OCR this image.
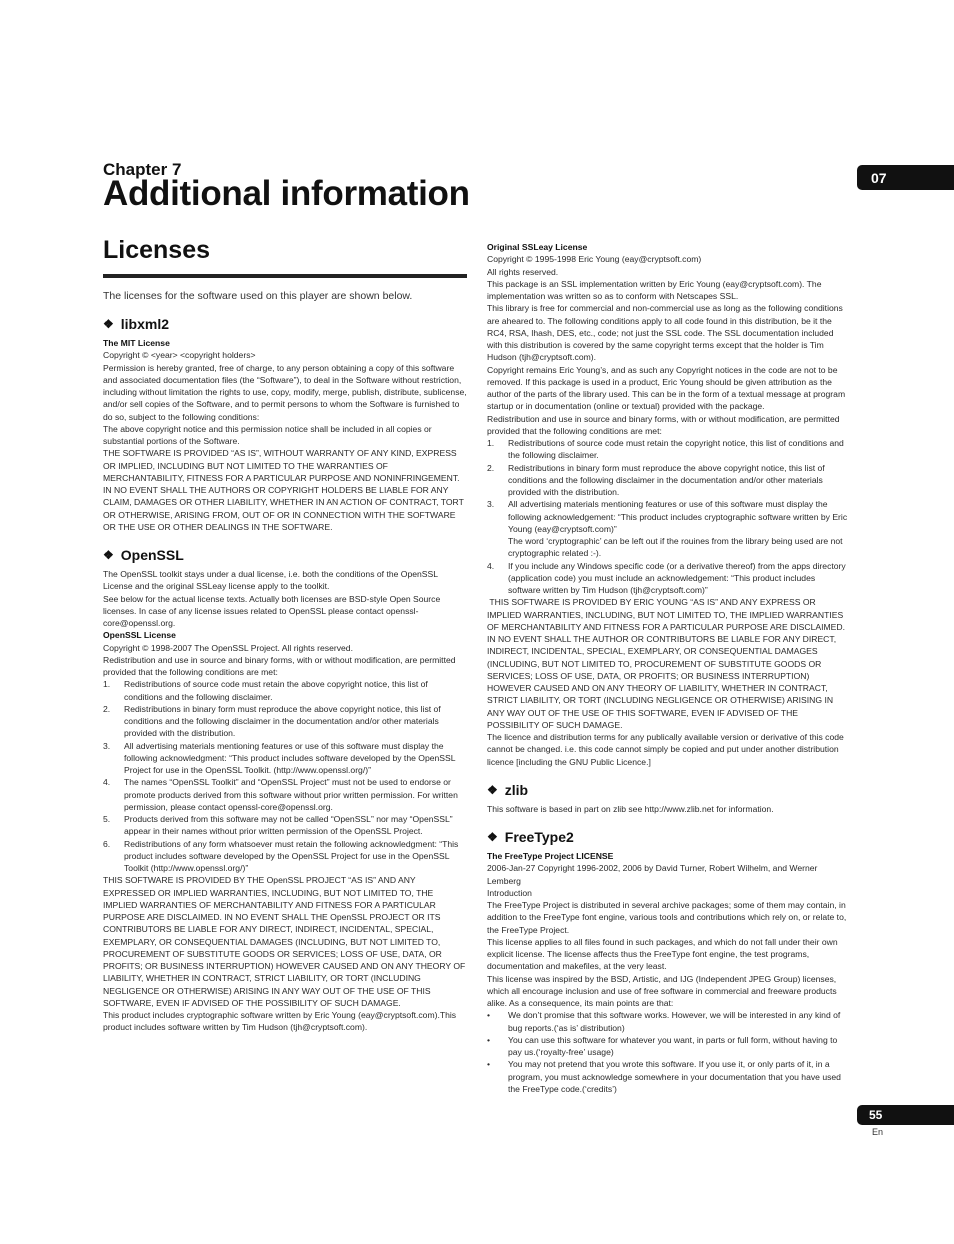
Chapter 7
Additional information	07
Licenses
The licenses for the software used on this player are shown below.
❖ libxml2
The MIT License

Copyright © <year> <copyright holders>

Permission is hereby granted, free of charge, to any person obtaining a copy of this software and associated documentation files (the “Software”), to deal in the Software without restriction, including without limitation the rights to use, copy, modify, merge, publish, distribute, sublicense, and/or sell copies of the Software, and to permit persons to whom the Software is furnished to do so, subject to the following conditions:

The above copyright notice and this permission notice shall be included in all copies or substantial portions of the Software.

THE SOFTWARE IS PROVIDED “AS IS”, WITHOUT WARRANTY OF ANY KIND, EXPRESS OR IMPLIED, INCLUDING BUT NOT LIMITED TO THE WARRANTIES OF MERCHANTABILITY, FITNESS FOR A PARTICULAR PURPOSE AND NONINFRINGEMENT. IN NO EVENT SHALL THE AUTHORS OR COPYRIGHT HOLDERS BE LIABLE FOR ANY CLAIM, DAMAGES OR OTHER LIABILITY, WHETHER IN AN ACTION OF CONTRACT, TORT OR OTHERWISE, ARISING FROM, OUT OF OR IN CONNECTION WITH THE SOFTWARE OR THE USE OR OTHER DEALINGS IN THE SOFTWARE.

❖ OpenSSL

The OpenSSL toolkit stays under a dual license, i.e. both the conditions of the OpenSSL License and the original SSLeay license apply to the toolkit.

See below for the actual license texts. Actually both licenses are BSD-style Open Source licenses. In case of any license issues related to OpenSSL please contact openssl-core@openssl.org.

OpenSSL License

Copyright © 1998-2007 The OpenSSL Project. All rights reserved.

Redistribution and use in source and binary forms, with or without modification, are permitted provided that the following conditions are met:

1. Redistributions of source code must retain the above copyright notice, this list of conditions and the following disclaimer.
2. Redistributions in binary form must reproduce the above copyright notice, this list of conditions and the following disclaimer in the documentation and/or other materials provided with the distribution.
3. All advertising materials mentioning features or use of this software must display the following acknowledgment: “This product includes software developed by the OpenSSL Project for use in the OpenSSL Toolkit. (http://www.openssl.org/)”
4. The names “OpenSSL Toolkit” and “OpenSSL Project” must not be used to endorse or promote products derived from this software without prior written permission. For written permission, please contact openssl-core@openssl.org.
5. Products derived from this software may not be called “OpenSSL” nor may “OpenSSL” appear in their names without prior written permission of the OpenSSL Project.
6. Redistributions of any form whatsoever must retain the following acknowledgment: “This product includes software developed by the OpenSSL Project for use in the OpenSSL Toolkit (http://www.openssl.org/)”

THIS SOFTWARE IS PROVIDED BY THE OpenSSL PROJECT “AS IS” AND ANY EXPRESSED OR IMPLIED WARRANTIES, INCLUDING, BUT NOT LIMITED TO, THE IMPLIED WARRANTIES OF MERCHANTABILITY AND FITNESS FOR A PARTICULAR PURPOSE ARE DISCLAIMED. IN NO EVENT SHALL THE OpenSSL PROJECT OR ITS CONTRIBUTORS BE LIABLE FOR ANY DIRECT, INDIRECT, INCIDENTAL, SPECIAL, EXEMPLARY, OR CONSEQUENTIAL DAMAGES (INCLUDING, BUT NOT LIMITED TO, PROCUREMENT OF SUBSTITUTE GOODS OR SERVICES; LOSS OF USE, DATA, OR PROFITS; OR BUSINESS INTERRUPTION) HOWEVER CAUSED AND ON ANY THEORY OF LIABILITY, WHETHER IN CONTRACT, STRICT LIABILITY, OR TORT (INCLUDING NEGLIGENCE OR OTHERWISE) ARISING IN ANY WAY OUT OF THE USE OF THIS SOFTWARE, EVEN IF ADVISED OF THE POSSIBILITY OF SUCH DAMAGE.

This product includes cryptographic software written by Eric Young (eay@cryptsoft.com).This product includes software written by Tim Hudson (tjh@cryptsoft.com).

Original SSLeay License

Copyright © 1995-1998 Eric Young (eay@cryptsoft.com)

All rights reserved.

This package is an SSL implementation written by Eric Young (eay@cryptsoft.com). The implementation was written so as to conform with Netscapes SSL.

This library is free for commercial and non-commercial use as long as the following conditions are aheared to. The following conditions apply to all code found in this distribution, be it the RC4, RSA, lhash, DES, etc., code; not just the SSL code. The SSL documentation included with this distribution is covered by the same copyright terms except that the holder is Tim Hudson (tjh@cryptsoft.com).

Copyright remains Eric Young’s, and as such any Copyright notices in the code are not to be removed. If this package is used in a product, Eric Young should be given attribution as the author of the parts of the library used. This can be in the form of a textual message at program startup or in documentation (online or textual) provided with the package.

Redistribution and use in source and binary forms, with or without modification, are permitted provided that the following conditions are met:

1. Redistributions of source code must retain the copyright notice, this list of conditions and the following disclaimer.
2. Redistributions in binary form must reproduce the above copyright notice, this list of conditions and the following disclaimer in the documentation and/or other materials provided with the distribution.
3. All advertising materials mentioning features or use of this software must display the following acknowledgement: “This product includes cryptographic software written by Eric Young (eay@cryptsoft.com)”
The word ‘cryptographic’ can be left out if the rouines from the library being used are not cryptographic related :-).
4. If you include any Windows specific code (or a derivative thereof) from the apps directory (application code) you must include an acknowledgement: “This product includes software written by Tim Hudson (tjh@cryptsoft.com)”

THIS SOFTWARE IS PROVIDED BY ERIC YOUNG “AS IS” AND ANY EXPRESS OR IMPLIED WARRANTIES, INCLUDING, BUT NOT LIMITED TO, THE IMPLIED WARRANTIES OF MERCHANTABILITY AND FITNESS FOR A PARTICULAR PURPOSE ARE DISCLAIMED. IN NO EVENT SHALL THE AUTHOR OR CONTRIBUTORS BE LIABLE FOR ANY DIRECT, INDIRECT, INCIDENTAL, SPECIAL, EXEMPLARY, OR CONSEQUENTIAL DAMAGES (INCLUDING, BUT NOT LIMITED TO, PROCUREMENT OF SUBSTITUTE GOODS OR SERVICES; LOSS OF USE, DATA, OR PROFITS; OR BUSINESS INTERRUPTION) HOWEVER CAUSED AND ON ANY THEORY OF LIABILITY, WHETHER IN CONTRACT, STRICT LIABILITY, OR TORT (INCLUDING NEGLIGENCE OR OTHERWISE) ARISING IN ANY WAY OUT OF THE USE OF THIS SOFTWARE, EVEN IF ADVISED OF THE POSSIBILITY OF SUCH DAMAGE.

The licence and distribution terms for any publically available version or derivative of this code cannot be changed. i.e. this code cannot simply be copied and put under another distribution licence [including the GNU Public Licence.]

❖ zlib

This software is based in part on zlib see http://www.zlib.net for information.

❖ FreeType2
The FreeType Project LICENSE

2006-Jan-27 Copyright 1996-2002, 2006 by David Turner, Robert Wilhelm, and Werner Lemberg

Introduction

The FreeType Project is distributed in several archive packages; some of them may contain, in addition to the FreeType font engine, various tools and contributions which rely on, or relate to, the FreeType Project.

This license applies to all files found in such packages, and which do not fall under their own explicit license. The license affects thus the FreeType font engine, the test programs, documentation and makefiles, at the very least.

This license was inspired by the BSD, Artistic, and IJG (Independent JPEG Group) licenses, which all encourage inclusion and use of free software in commercial and freeware products alike. As a consequence, its main points are that:

• We don’t promise that this software works. However, we will be interested in any kind of bug reports.(‘as is’ distribution)
• You can use this software for whatever you want, in parts or full form, without having to pay us.(‘royalty-free’ usage)
• You may not pretend that you wrote this software. If you use it, or only parts of it, in a program, you must acknowledge somewhere in your documentation that you have used the FreeType code.(‘credits’)
55
En
